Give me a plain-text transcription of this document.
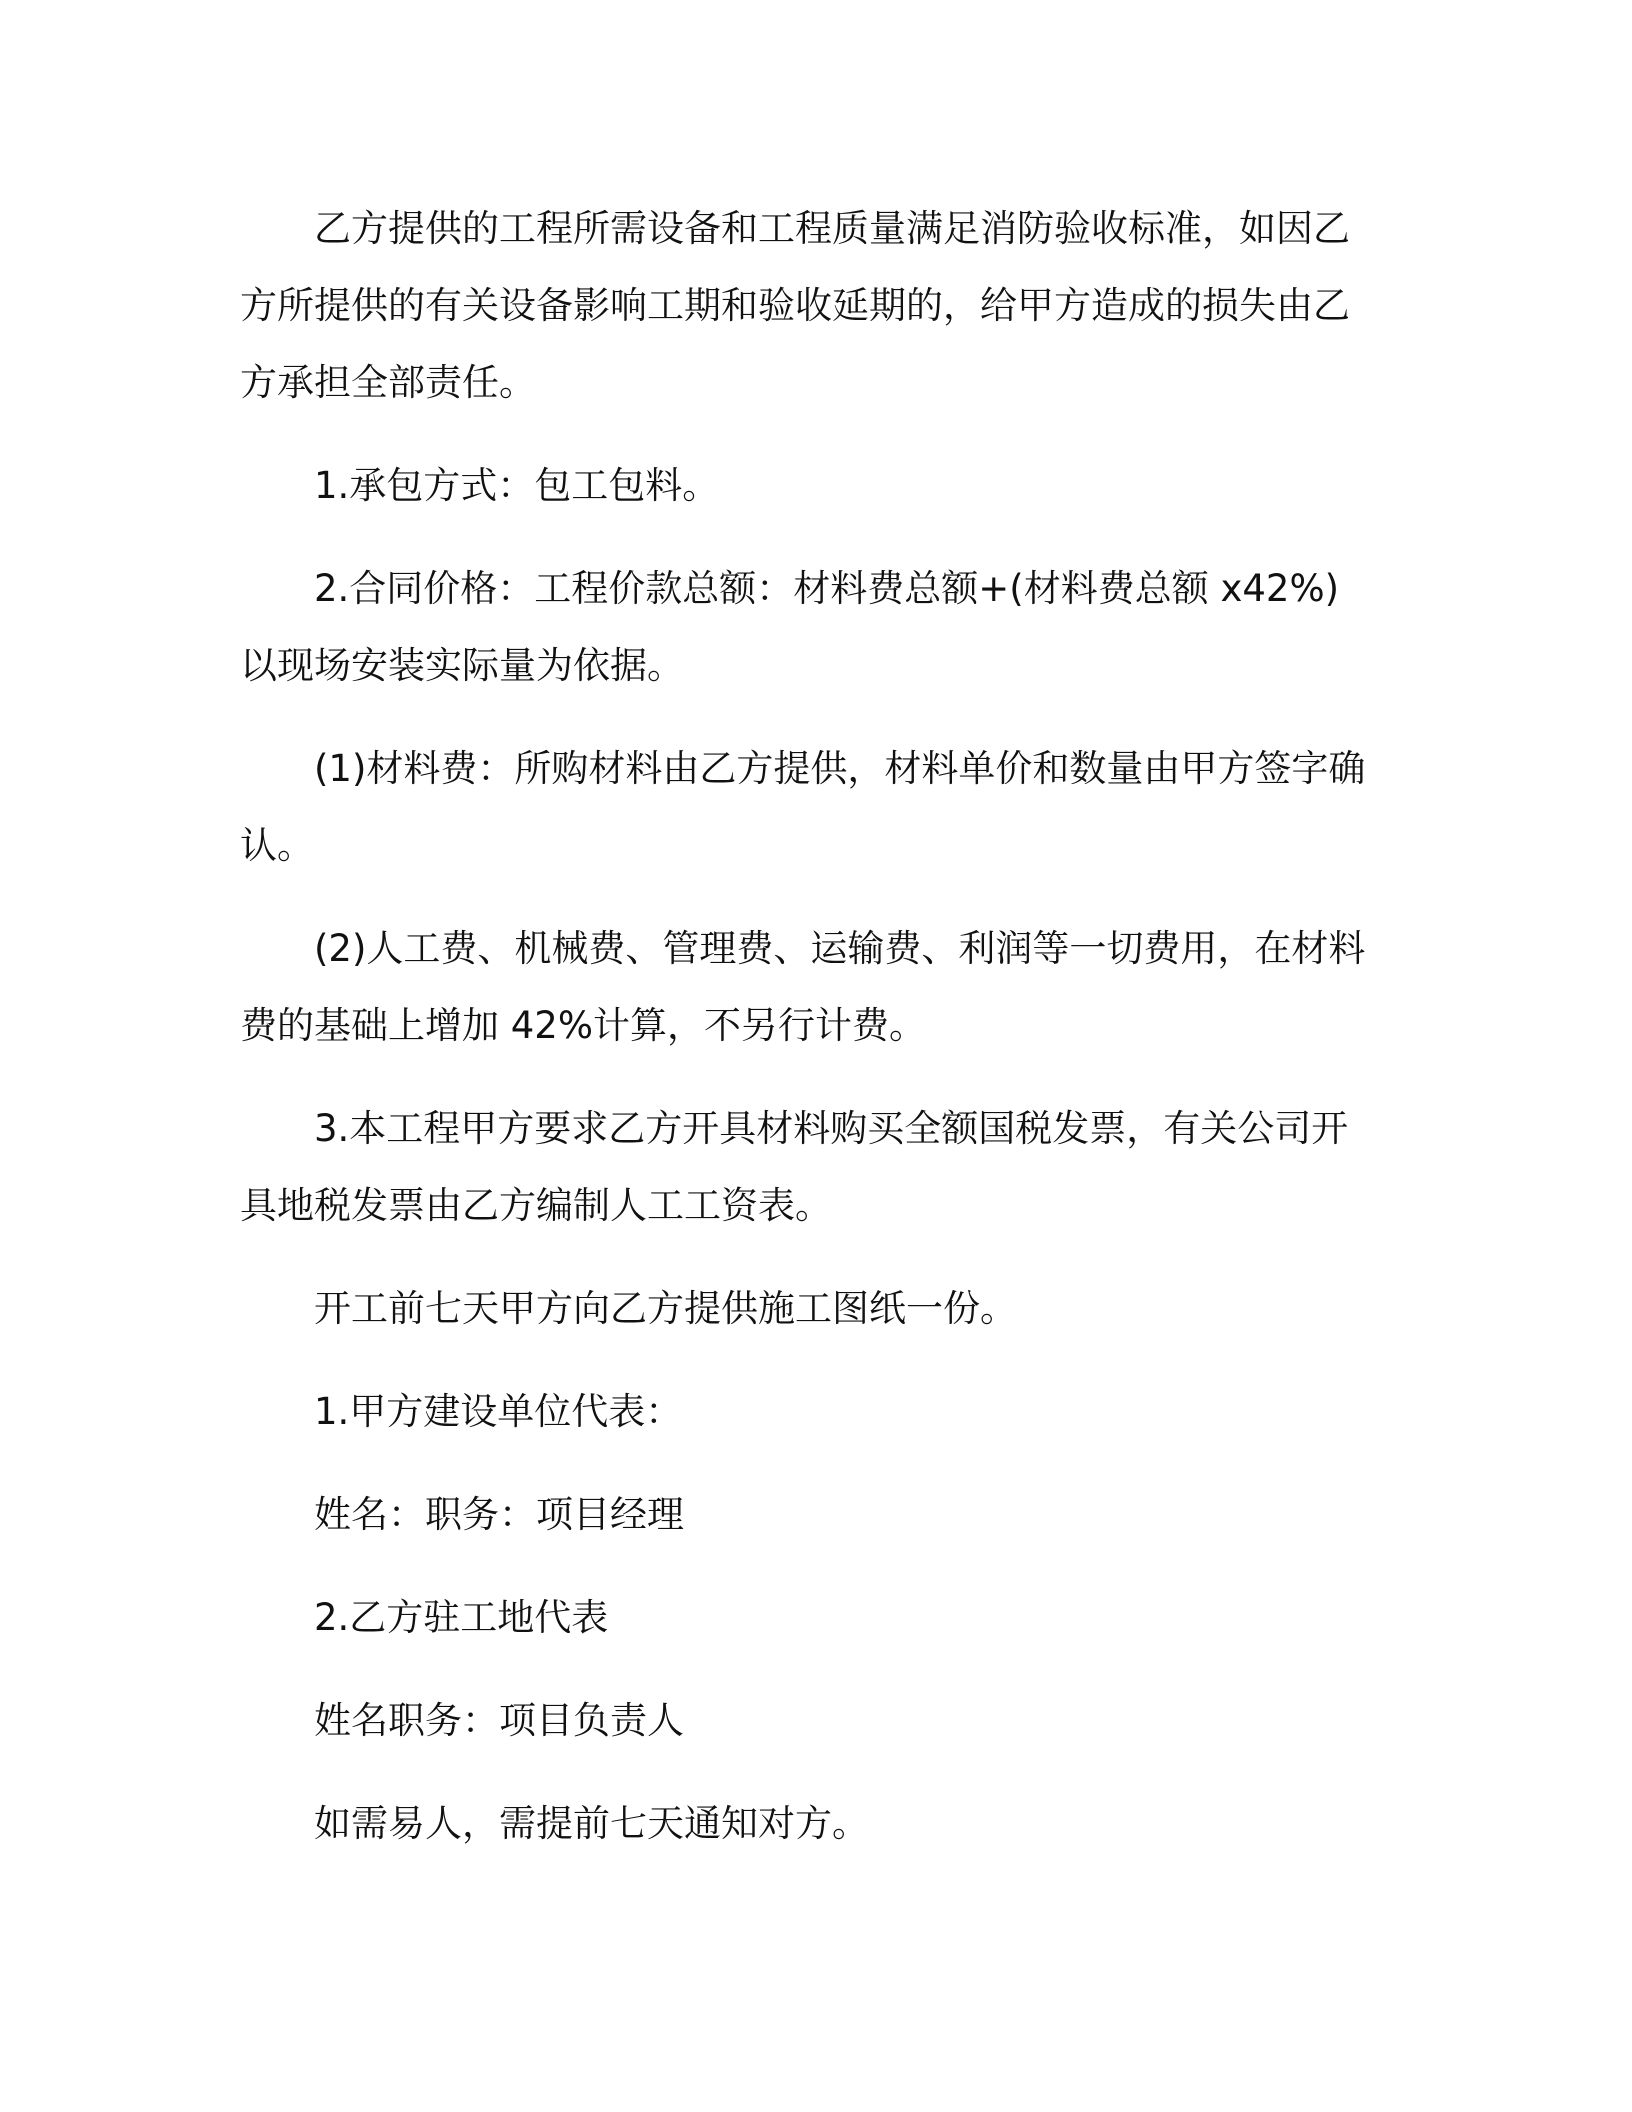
乙方提供的工程所需设备和工程质量满足消防验收标准，如因乙方所提供的有关设备影响工期和验收延期的，给甲方造成的损失由乙方承担全部责任。

1.承包方式：包工包料。

2.合同价格：工程价款总额：材料费总额+(材料费总额 x42%)以现场安装实际量为依据。

(1)材料费：所购材料由乙方提供，材料单价和数量由甲方签字确认。

(2)人工费、机械费、管理费、运输费、利润等一切费用，在材料费的基础上增加 42%计算，不另行计费。

3.本工程甲方要求乙方开具材料购买全额国税发票，有关公司开具地税发票由乙方编制人工工资表。

开工前七天甲方向乙方提供施工图纸一份。

1.甲方建设单位代表：

姓名：职务：项目经理

2.乙方驻工地代表

姓名职务：项目负责人

如需易人，需提前七天通知对方。
